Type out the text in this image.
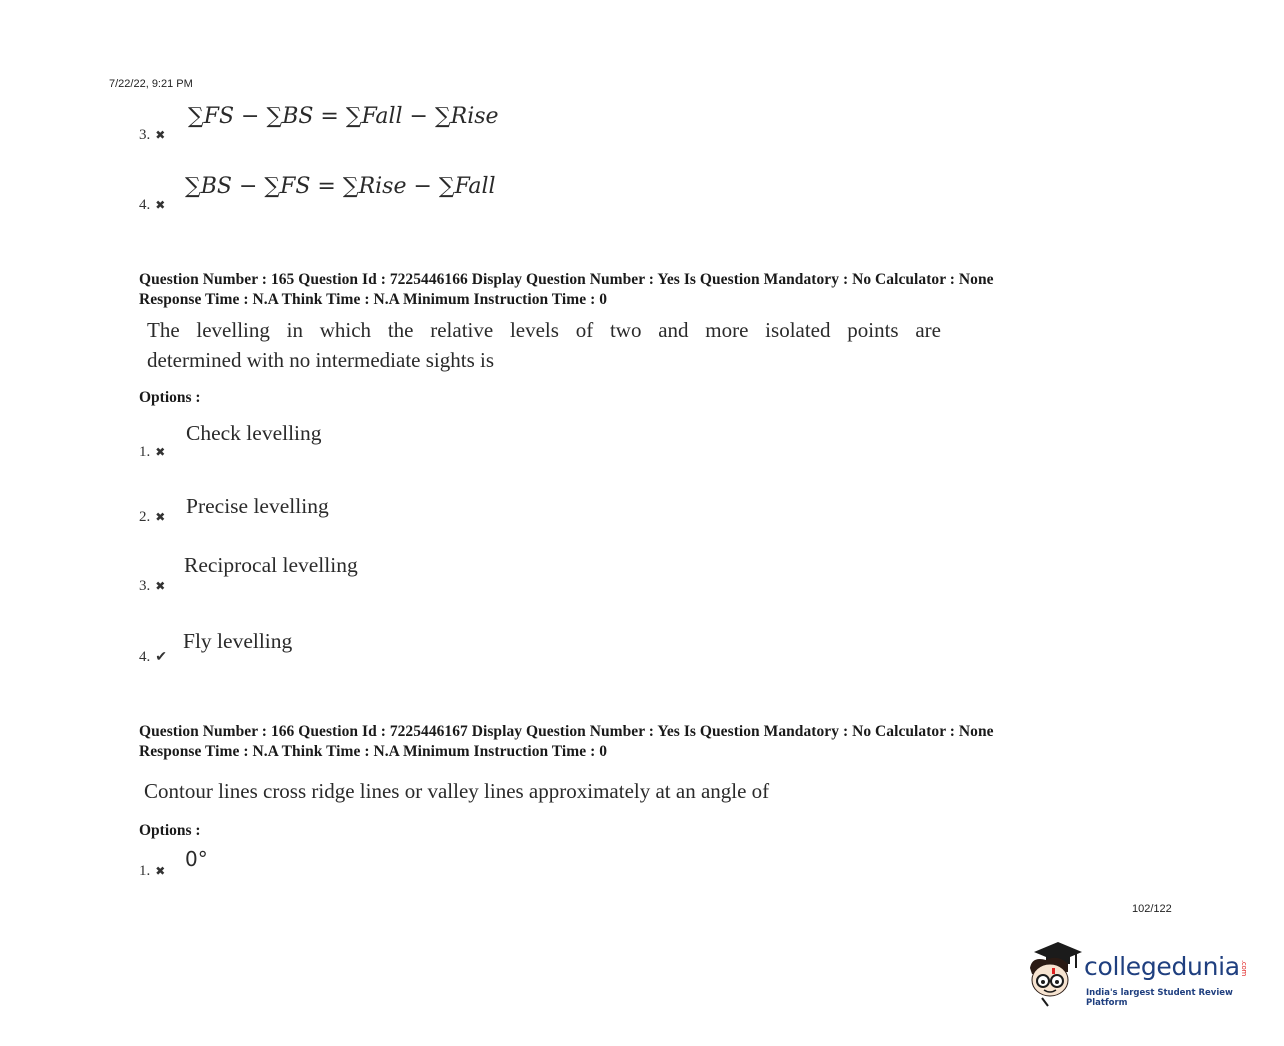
7/22/22, 9:21 PM
3. ✖
∑FS − ∑BS = ∑Fall − ∑Rise
4. ✖
∑BS − ∑FS = ∑Rise − ∑Fall
Question Number : 165 Question Id : 7225446166 Display Question Number : Yes Is Question Mandatory : No Calculator : None
Response Time : N.A Think Time : N.A Minimum Instruction Time : 0
The levelling in which the relative levels of two and more isolated points are
determined with no intermediate sights is
Options :
1. ✖
Check levelling
2. ✖ Precise levelling
3. ✖
Reciprocal levelling
4. ✔
Fly levelling
Question Number : 166 Question Id : 7225446167 Display Question Number : Yes Is Question Mandatory : No Calculator : None
Response Time : N.A Think Time : N.A Minimum Instruction Time : 0
Contour lines cross ridge lines or valley lines approximately at an angle of
Options :
1. ✖ 0°
102/122
collegedunia.com
India's largest Student Review Platform
